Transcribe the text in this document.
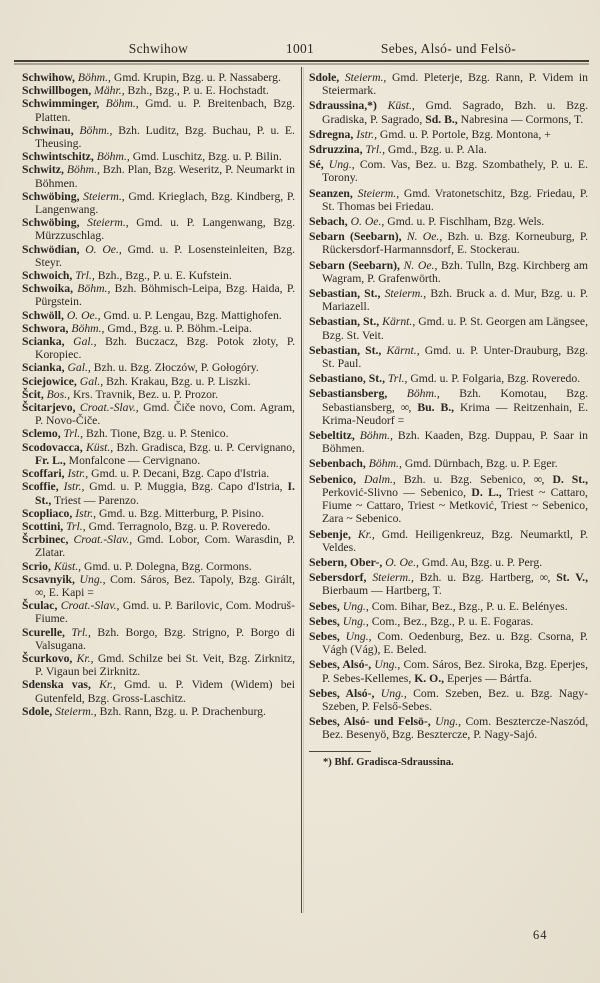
1001
Schwihow	Sebes, Alsó- und Felsö-

Schwihow, Böhm., Gmd. Krupin, Bzg. u. P. Nassaberg.

Schwillbogen, Mähr., Bzh., Bzg., P. u. E. Hochstadt.

Schwimminger, Böhm., Gmd. u. P. Breitenbach, Bzg. Platten.

Schwinau, Böhm., Bzh. Luditz, Bzg. Buchau, P. u. E. Theusing.

Schwintschitz, Böhm., Gmd. Luschitz, Bzg. u. P. Bilin.

Schwitz, Böhm., Bzh. Plan, Bzg. Weseritz, P. Neumarkt in Böhmen.

Schwöbing, Steierm., Gmd. Krieglach, Bzg. Kindberg, P. Langenwang.

Schwöbing, Steierm., Gmd. u. P. Langenwang, Bzg. Mürzzuschlag.

Schwödian, O. Oe., Gmd. u. P. Losensteinleiten, Bzg. Steyr.

Schwoich, Trl., Bzh., Bzg., P. u. E. Kufstein.

Schwoika, Böhm., Bzh. Böhmisch-Leipa, Bzg. Haida, P. Pürgstein.

Schwöll, O. Oe., Gmd. u. P. Lengau, Bzg. Mattighofen.

Schwora, Böhm., Gmd., Bzg. u. P. Böhm.-Leipa.

Scianka, Gal., Bzh. Buczacz, Bzg. Potok złoty, P. Koropiec.

Scianka, Gal., Bzh. u. Bzg. Złoczów, P. Gołogóry.

Sciejowice, Gal., Bzh. Krakau, Bzg. u. P. Liszki.

Šcit, Bos., Krs. Travnik, Bez. u. P. Prozor.

Šcitarjevo, Croat.-Slav., Gmd. Čiče novo, Com. Agram, P. Novo-Čiče.

Sclemo, Trl., Bzh. Tione, Bzg. u. P. Stenico.

Scodovacca, Küst., Bzh. Gradisca, Bzg. u. P. Cervignano, Fr. L., Monfalcone — Cervignano.

Scoffari, Istr., Gmd. u. P. Decani, Bzg. Capo d'Istria.

Scoffie, Istr., Gmd. u. P. Muggia, Bzg. Capo d'Istria, I. St., Triest — Parenzo.

Scopliaco, Istr., Gmd. u. Bzg. Mitterburg, P. Pisino.

Scottini, Trl., Gmd. Terragnolo, Bzg. u. P. Roveredo.

Šcrbinec, Croat.-Slav., Gmd. Lobor, Com. Warasdin, P. Zlatar.

Scrio, Küst., Gmd. u. P. Dolegna, Bzg. Cormons.

Scsavnyik, Ung., Com. Sáros, Bez. Tapoly, Bzg. Girált, ∞, E. Kapi =

Šculac, Croat.-Slav., Gmd. u. P. Barilovic, Com. Modruš-Fiume.

Scurelle, Trl., Bzh. Borgo, Bzg. Strigno, P. Borgo di Valsugana.

Šcurkovo, Kr., Gmd. Schilze bei St. Veit, Bzg. Zirknitz, P. Vigaun bei Zirknitz.

Sdenska vas, Kr., Gmd. u. P. Videm (Widem) bei Gutenfeld, Bzg. Gross-Laschitz.

Sdole, Steierm., Bzh. Rann, Bzg. u. P. Drachenburg.

Sdole, Steierm., Gmd. Pleterje, Bzg. Rann, P. Videm in Steiermark.

Sdraussina,*) Küst., Gmd. Sagrado, Bzh. u. Bzg. Gradiska, P. Sagrado, Sd. B., Nabresina — Cormons, T.

Sdregna, Istr., Gmd. u. P. Portole, Bzg. Montona, +

Sdruzzina, Trl., Gmd., Bzg. u. P. Ala.

Sé, Ung., Com. Vas, Bez. u. Bzg. Szombathely, P. u. E. Torony.

Seanzen, Steierm., Gmd. Vratonetschitz, Bzg. Friedau, P. St. Thomas bei Friedau.

Sebach, O. Oe., Gmd. u. P. Fischlham, Bzg. Wels.

Sebarn (Seebarn), N. Oe., Bzh. u. Bzg. Korneuburg, P. Rückersdorf-Harmannsdorf, E. Stockerau.

Sebarn (Seebarn), N. Oe., Bzh. Tulln, Bzg. Kirchberg am Wagram, P. Grafenwörth.

Sebastian, St., Steierm., Bzh. Bruck a. d. Mur, Bzg. u. P. Mariazell.

Sebastian, St., Kärnt., Gmd. u. P. St. Georgen am Längsee, Bzg. St. Veit.

Sebastian, St., Kärnt., Gmd. u. P. Unter-Drauburg, Bzg. St. Paul.

Sebastiano, St., Trl., Gmd. u. P. Folgaria, Bzg. Roveredo.

Sebastiansberg, Böhm., Bzh. Komotau, Bzg. Sebastiansberg, ∞, Bu. B., Krima — Reitzenhain, E. Krima-Neudorf =

Sebeltitz, Böhm., Bzh. Kaaden, Bzg. Duppau, P. Saar in Böhmen.

Sebenbach, Böhm., Gmd. Dürnbach, Bzg. u. P. Eger.

Sebenico, Dalm., Bzh. u. Bzg. Sebenico, ∞, D. St., Perković-Slivno — Sebenico, D. L., Triest ~ Cattaro, Fiume ~ Cattaro, Triest ~ Metković, Triest ~ Sebenico, Zara ~ Sebenico.

Sebenje, Kr., Gmd. Heiligenkreuz, Bzg. Neumarktl, P. Veldes.

Sebern, Ober-, O. Oe., Gmd. Au, Bzg. u. P. Perg.

Sebersdorf, Steierm., Bzh. u. Bzg. Hartberg, ∞, St. V., Bierbaum — Hartberg, T.

Sebes, Ung., Com. Bihar, Bez., Bzg., P. u. E. Belényes.

Sebes, Ung., Com., Bez., Bzg., P. u. E. Fogaras.

Sebes, Ung., Com. Oedenburg, Bez. u. Bzg. Csorna, P. Vágh (Vág), E. Beled.

Sebes, Alsó-, Ung., Com. Sáros, Bez. Siroka, Bzg. Eperjes, P. Sebes-Kellemes, K. O., Eperjes — Bártfa.

Sebes, Alsó-, Ung., Com. Szeben, Bez. u. Bzg. Nagy-Szeben, P. Felső-Sebes.

Sebes, Alsó- und Felsö-, Ung., Com. Besztercze-Naszód, Bez. Besenyö, Bzg. Besztercze, P. Nagy-Sajó.

*) Bhf. Gradisca-Sdraussina.

64
